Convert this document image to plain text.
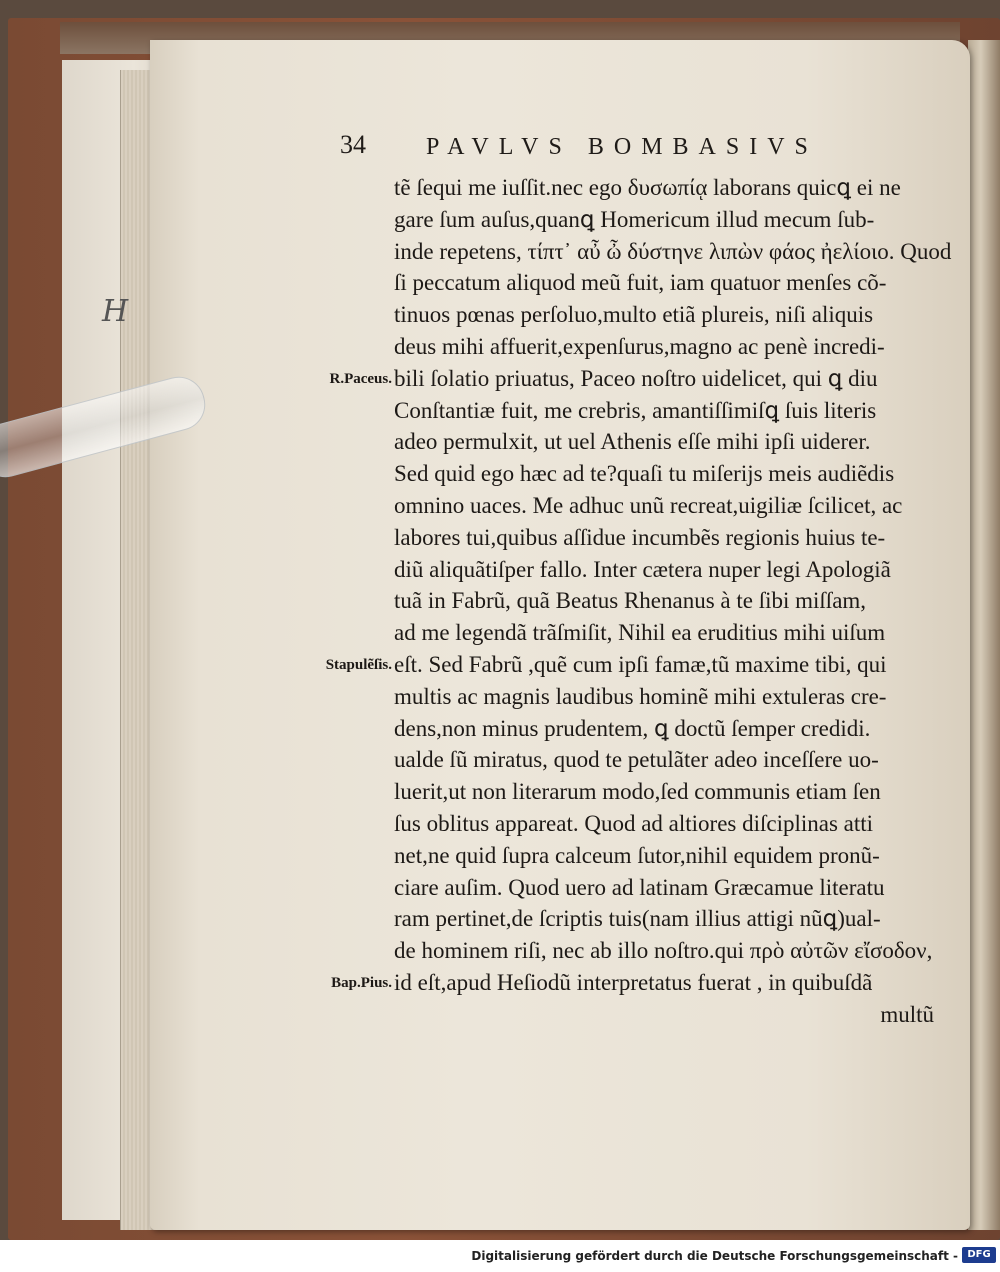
H
34	PAVLVS BOMBASIVS
tẽ ſequi me iuſſit.nec ego δυσωπίᾳ laborans quicꝗ ei ne
gare ſum auſus,quanꝗ Homericum illud mecum ſub-
inde repetens, τίπτ᾽ αὖ ὦ δύστηνε λιπὼν φάος ἠελίοιο. Quod
ſi peccatum aliquod meũ fuit, iam quatuor menſes cõ-
tinuos pœnas perſoluo,multo etiã plureis, niſi aliquis
deus mihi affuerit,expenſurus,magno ac penè incredi-
bili ſolatio priuatus, Paceo noſtro uidelicet, qui ꝗ diu
Conſtantiæ fuit, me crebris, amantiſſimiſꝗ ſuis literis
adeo permulxit, ut uel Athenis eſſe mihi ipſi uiderer.
Sed quid ego hæc ad te?quaſi tu miſerijs meis audiẽdis
omnino uaces. Me adhuc unũ recreat,uigiliæ ſcilicet, ac
labores tui,quibus aſſidue incumbẽs regionis huius te-
diũ aliquãtiſper fallo. Inter cætera nuper legi Apologiã
tuã in Fabrũ, quã Beatus Rhenanus à te ſibi miſſam,
ad me legendã trãſmiſit, Nihil ea eruditius mihi uiſum
eſt. Sed Fabrũ ,quẽ cum ipſi famæ,tũ maxime tibi, qui
multis ac magnis laudibus hominẽ mihi extuleras cre-
dens,non minus prudentem, ꝗ doctũ ſemper credidi.
ualde ſũ miratus, quod te petulãter adeo inceſſere uo-
luerit,ut non literarum modo,ſed communis etiam ſen
ſus oblitus appareat. Quod ad altiores diſciplinas atti
net,ne quid ſupra calceum ſutor,nihil equidem pronũ-
ciare auſim. Quod uero ad latinam Græcamue literatu
ram pertinet,de ſcriptis tuis(nam illius attigi nũꝗ)ual-
de hominem riſi, nec ab illo noſtro.qui πρὸ αὐτῶν εἴσοδον,
id eſt,apud Heſiodũ interpretatus fuerat , in quibuſdã
multũ
R.Paceus.
Stapulẽſis.
Bap.Pius.
Digitalisierung gefördert durch die Deutsche Forschungsgemeinschaft - DFG
